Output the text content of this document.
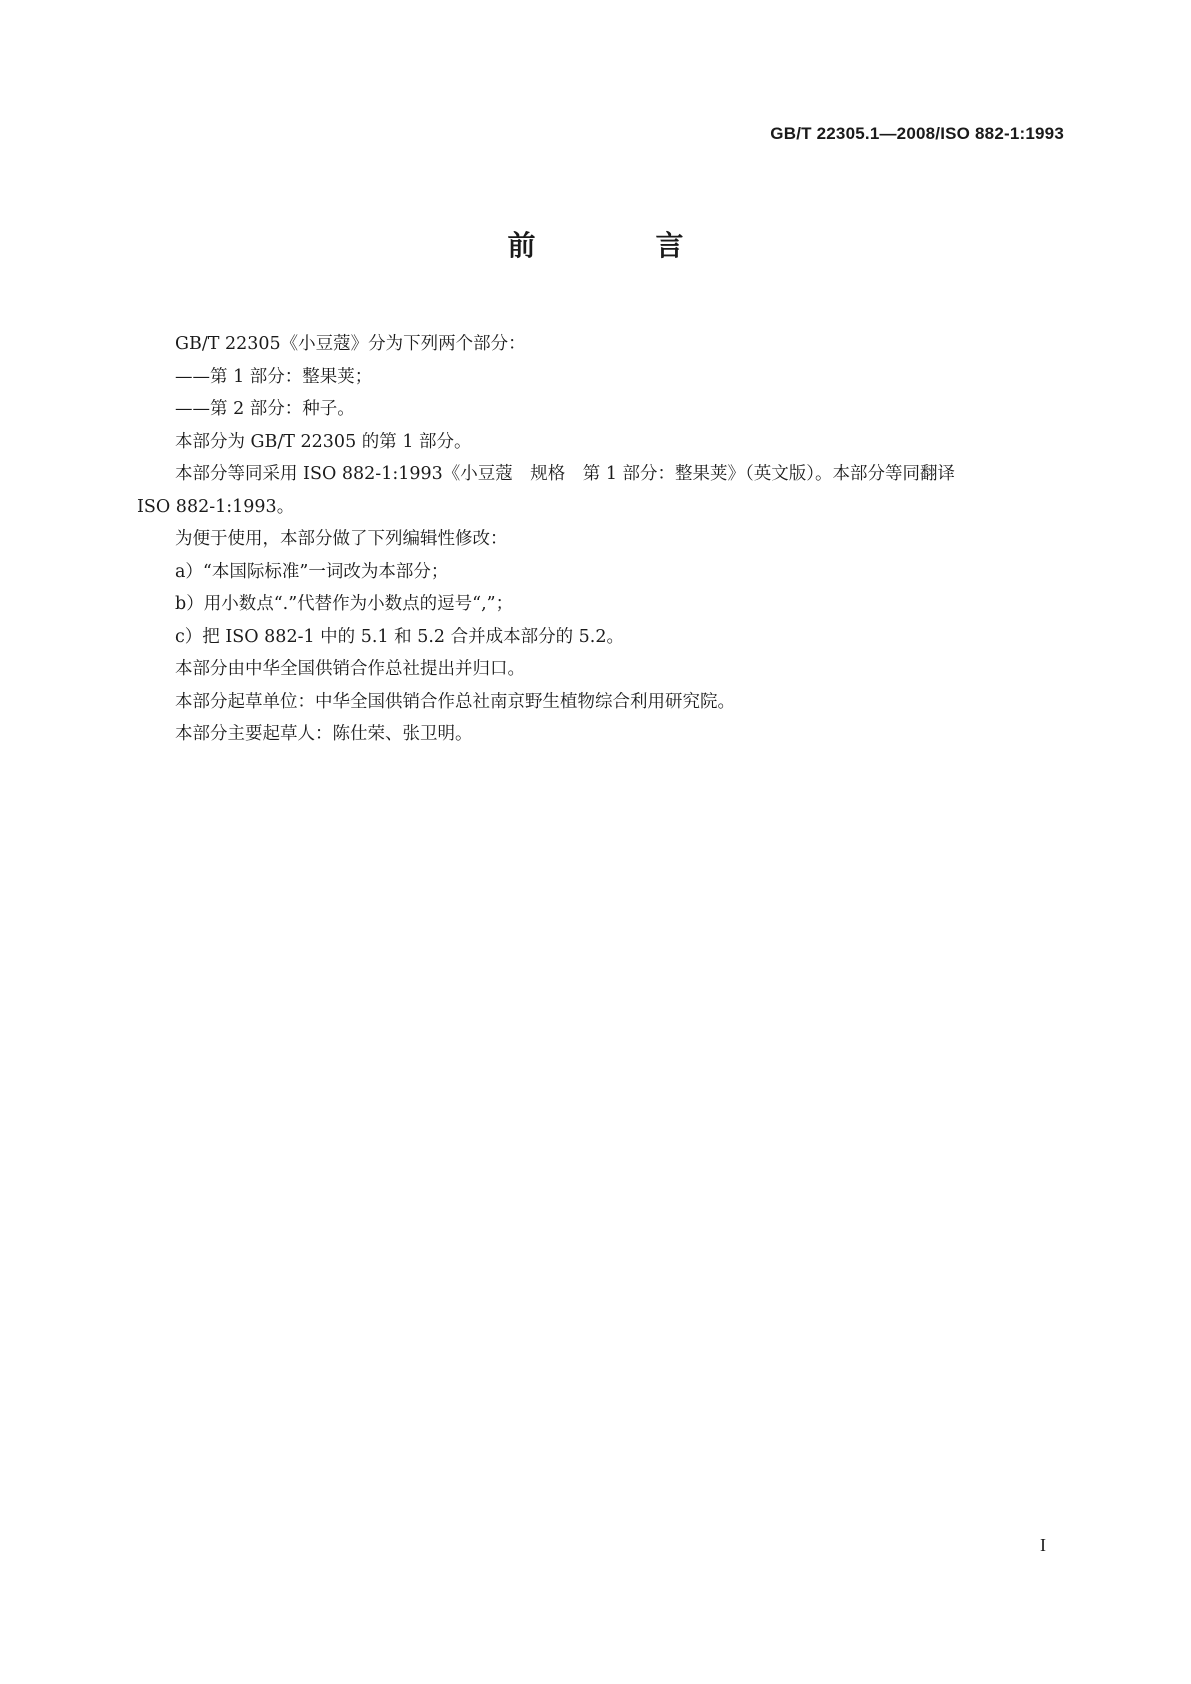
GB/T 22305.1—2008/ISO 882-1:1993
前　言
GB/T 22305《小豆蔻》分为下列两个部分：
——第 1 部分：整果荚；
——第 2 部分：种子。
本部分为 GB/T 22305 的第 1 部分。
本部分等同采用 ISO 882-1:1993《小豆蔻　规格　第 1 部分：整果荚》（英文版）。本部分等同翻译
ISO 882-1:1993。
为便于使用，本部分做了下列编辑性修改：
a）“本国际标准”一词改为本部分；
b）用小数点“.”代替作为小数点的逗号“,”；
c）把 ISO 882-1 中的 5.1 和 5.2 合并成本部分的 5.2。
本部分由中华全国供销合作总社提出并归口。
本部分起草单位：中华全国供销合作总社南京野生植物综合利用研究院。
本部分主要起草人：陈仕荣、张卫明。
I
